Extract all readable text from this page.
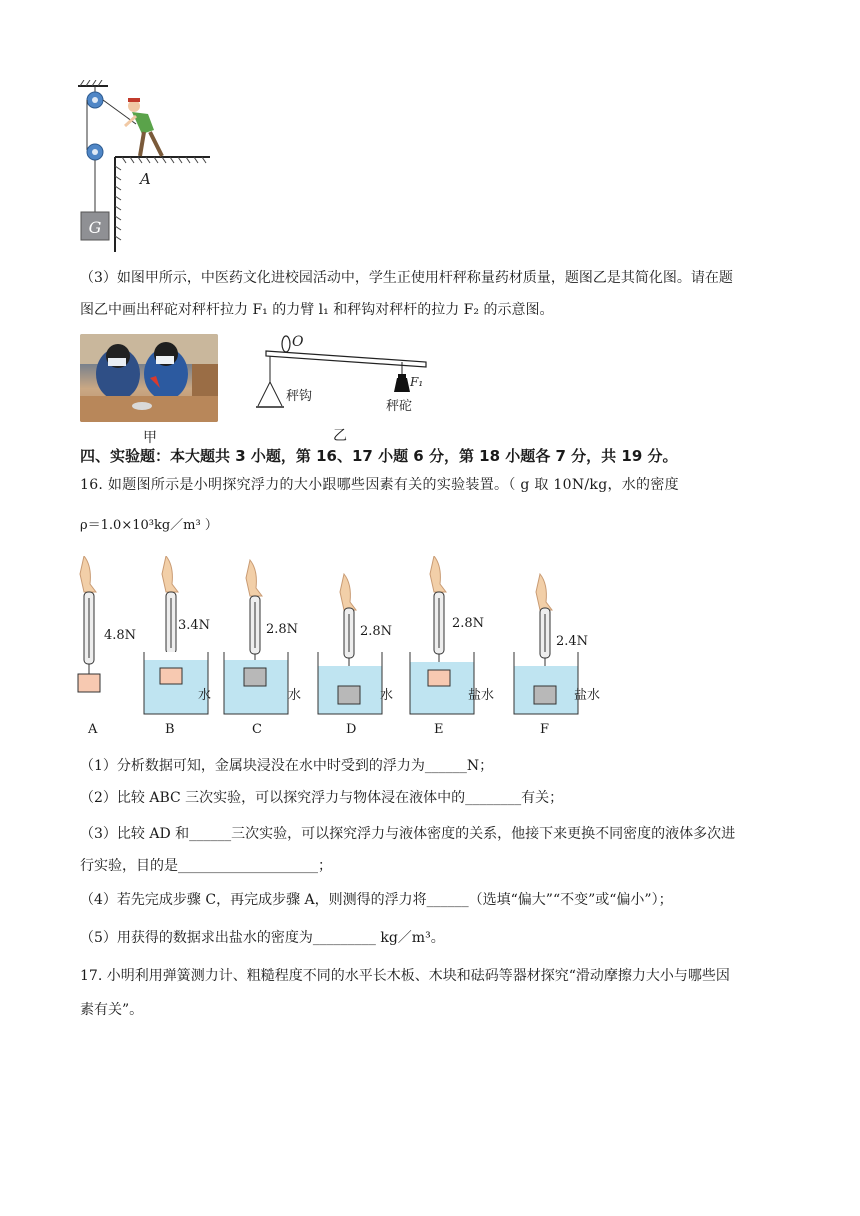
G
A
（3）如图甲所示，中医药文化进校园活动中，学生正使用杆秤称量药材质量，题图乙是其简化图。请在题
图乙中画出秤砣对秤杆拉力 F₁ 的力臂 l₁ 和秤钩对秤杆的拉力 F₂ 的示意图。
甲
O
秤钩
F₁
秤砣
乙
四、实验题：本大题共 3 小题，第 16、17 小题 6 分，第 18 小题各 7 分，共 19 分。
16. 如题图所示是小明探究浮力的大小跟哪些因素有关的实验装置。（ g 取 10N/kg，水的密度
ρ＝1.0×10³kg／m³ ）
4.8N
A
3.4N
水
B
2.8N
水
C
2.8N
水
D
2.8N
盐水
E
2.4N
盐水
F
（1）分析数据可知，金属块浸没在水中时受到的浮力为______N；
（2）比较 ABC 三次实验，可以探究浮力与物体浸在液体中的________有关；
（3）比较 AD 和______三次实验，可以探究浮力与液体密度的关系，他接下来更换不同密度的液体多次进
行实验，目的是____________________；
（4）若先完成步骤 C，再完成步骤 A，则测得的浮力将______（选填“偏大”“不变”或“偏小”）；
（5）用获得的数据求出盐水的密度为_________ kg／m³。
17. 小明利用弹簧测力计、粗糙程度不同的水平长木板、木块和砝码等器材探究“滑动摩擦力大小与哪些因
素有关”。
